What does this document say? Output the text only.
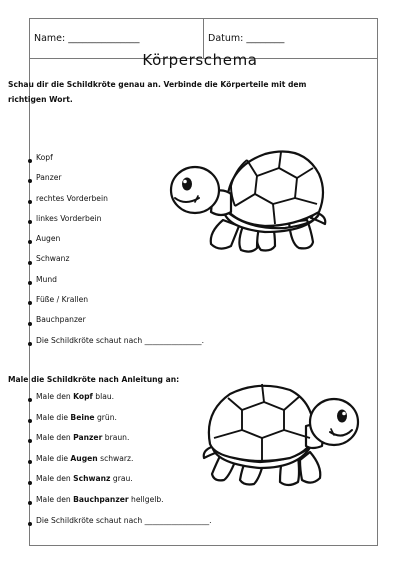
Name: _______________	Datum: ________
Körperschema
Schau dir die Schildkröte genau an. Verbinde die Körperteile mit dem richtigen Wort.
Kopf
Panzer
rechtes Vorderbein
linkes Vorderbein
Augen
Schwanz
Mund
Füße / Krallen
Bauchpanzer
Die Schildkröte schaut nach _______________.
Male die Schildkröte nach Anleitung an:
Male den Kopf blau.
Male die Beine grün.
Male den Panzer braun.
Male die Augen schwarz.
Male den Schwanz grau.
Male den Bauchpanzer hellgelb.
Die Schildkröte schaut nach _________________.
